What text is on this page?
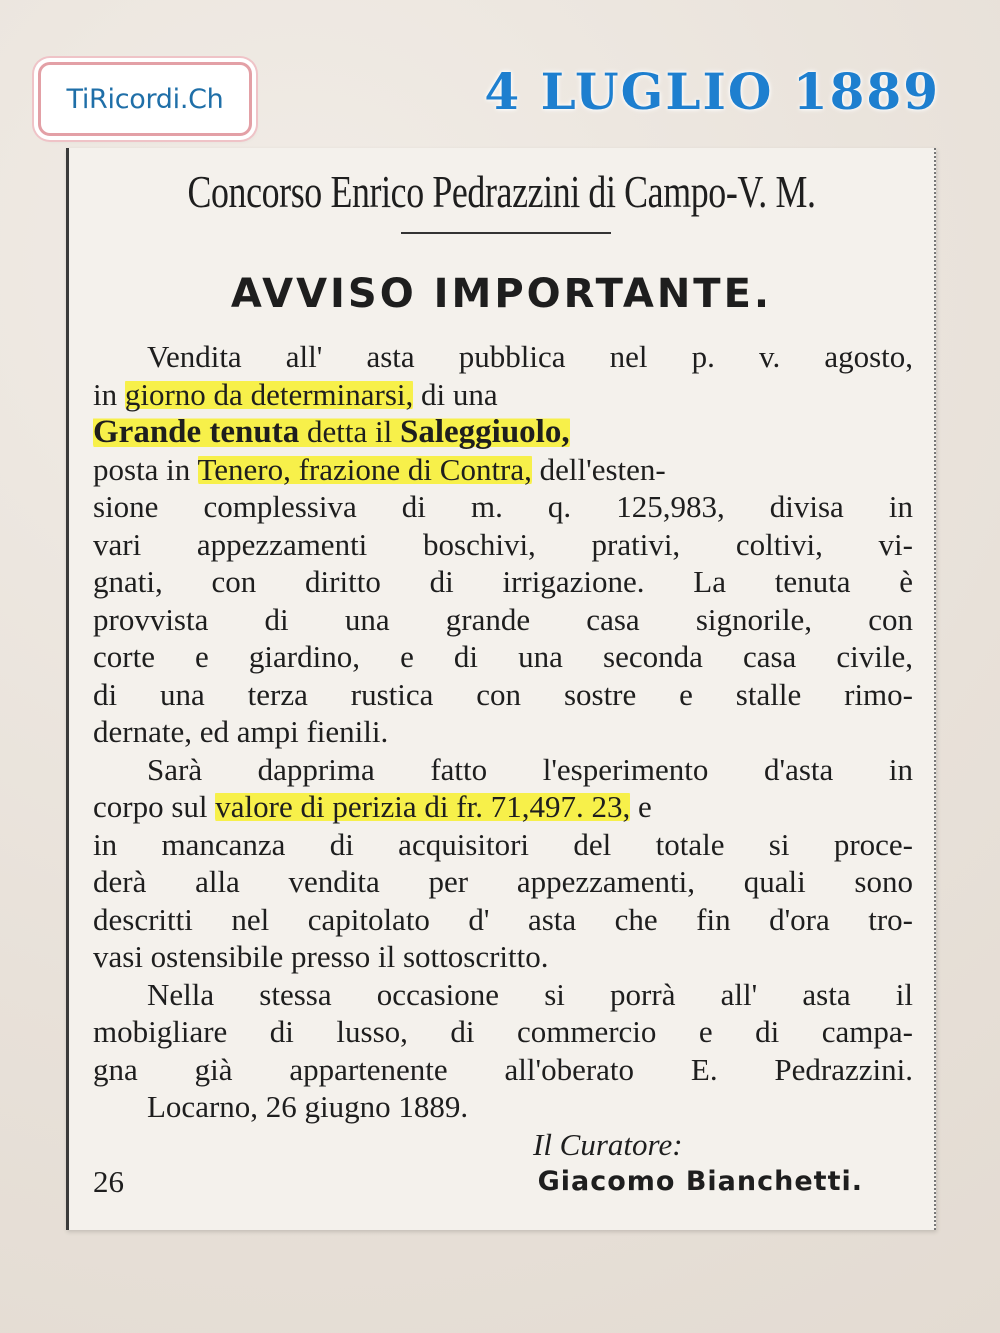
TiRicordi.Ch	4 LUGLIO 1889
Concorso Enrico Pedrazzini di Campo-V. M.
AVVISO IMPORTANTE.
Vendita all' asta pubblica nel p. v. agosto,
in giorno da determinarsi, di una
Grande tenuta detta il Saleggiuolo,
posta in Tenero, frazione di Contra, dell'esten-
sione complessiva di m. q. 125,983, divisa in
vari appezzamenti boschivi, prativi, coltivi, vi-
gnati, con diritto di irrigazione. La tenuta è
provvista di una grande casa signorile, con
corte e giardino, e di una seconda casa civile,
di una terza rustica con sostre e stalle rimo-
dernate, ed ampi fienili.
Sarà dapprima fatto l'esperimento d'asta in
corpo sul valore di perizia di fr. 71,497. 23, e
in mancanza di acquisitori del totale si proce-
derà alla vendita per appezzamenti, quali sono
descritti nel capitolato d' asta che fin d'ora tro-
vasi ostensibile presso il sottoscritto.
Nella stessa occasione si porrà all' asta il
mobigliare di lusso, di commercio e di campa-
gna già appartenente all'oberato E. Pedrazzini.
Locarno, 26 giugno 1889.
Il Curatore:
26	Giacomo Bianchetti.
